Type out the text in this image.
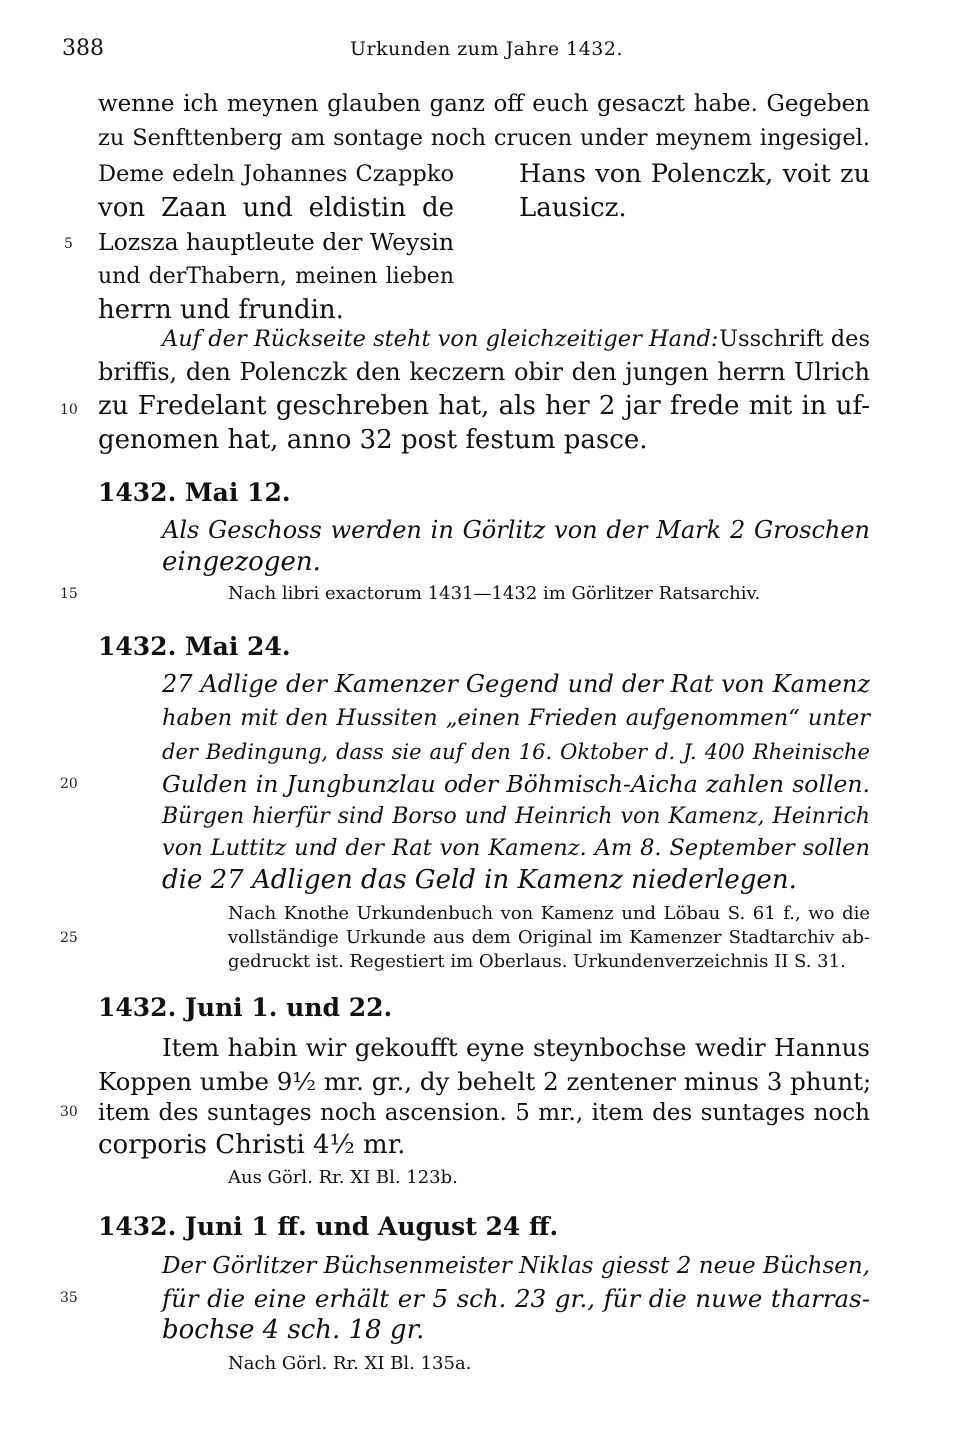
388	Urkunden zum Jahre 1432.
wenne ich meynen glauben ganz off euch gesaczt habe. Gegeben
zu Senfttenberg am sontage noch crucen under meynem ingesigel.
Deme edeln Johannes Czappko
von Zaan und eldistin de
Lozsza hauptleute der Weysin
und derThabern, meinen lieben
herrn und frundin.
Hans von Polenczk, voit zu
Lausicz.
Auf der Rückseite steht von gleichzeitiger Hand: Usschrift des
briffis, den Polenczk den keczern obir den jungen herrn Ulrich
zu Fredelant geschreben hat, als her 2 jar frede mit in uf-
genomen hat, anno 32 post festum pasce.
1432. Mai 12.
Als Geschoss werden in Görlitz von der Mark 2 Groschen
eingezogen.
Nach libri exactorum 1431—1432 im Görlitzer Ratsarchiv.
1432. Mai 24.
27 Adlige der Kamenzer Gegend und der Rat von Kamenz
haben mit den Hussiten „einen Frieden aufgenommen“ unter
der Bedingung, dass sie auf den 16. Oktober d. J. 400 Rheinische
Gulden in Jungbunzlau oder Böhmisch-Aicha zahlen sollen.
Bürgen hierfür sind Borso und Heinrich von Kamenz, Heinrich
von Luttitz und der Rat von Kamenz. Am 8. September sollen
die 27 Adligen das Geld in Kamenz niederlegen.
Nach Knothe Urkundenbuch von Kamenz und Löbau S. 61 f., wo die
vollständige Urkunde aus dem Original im Kamenzer Stadtarchiv ab-
gedruckt ist. Regestiert im Oberlaus. Urkundenverzeichnis II S. 31.
1432. Juni 1. und 22.
Item habin wir gekoufft eyne steynbochse wedir Hannus
Koppen umbe 9½ mr. gr., dy behelt 2 zentener minus 3 phunt;
item des suntages noch ascension. 5 mr., item des suntages noch
corporis Christi 4½ mr.
Aus Görl. Rr. XI Bl. 123b.
1432. Juni 1 ff. und August 24 ff.
Der Görlitzer Büchsenmeister Niklas giesst 2 neue Büchsen,
für die eine erhält er 5 sch. 23 gr., für die nuwe tharras-
bochse 4 sch. 18 gr.
Nach Görl. Rr. XI Bl. 135a.
5
10
15
20
25
30
35
